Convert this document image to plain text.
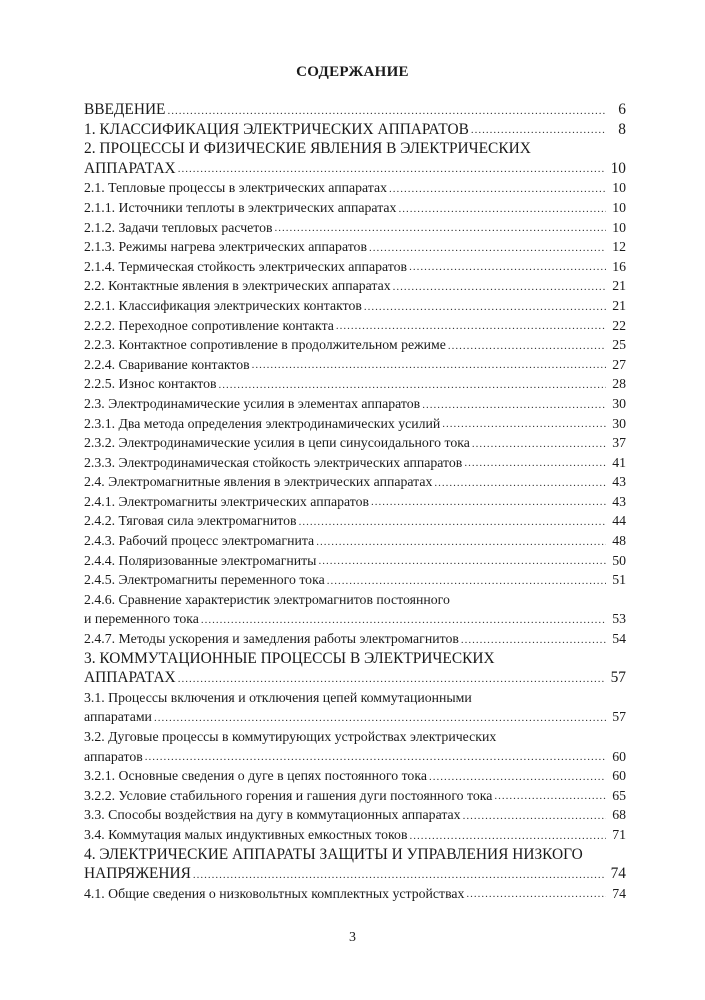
СОДЕРЖАНИЕ
ВВЕДЕНИЕ .....	6
1. КЛАССИФИКАЦИЯ ЭЛЕКТРИЧЕСКИХ АППАРАТОВ .....	8
2. ПРОЦЕССЫ И ФИЗИЧЕСКИЕ ЯВЛЕНИЯ В ЭЛЕКТРИЧЕСКИХ
АППАРАТАХ .....	10
2.1. Тепловые процессы в электрических аппаратах .....	10
2.1.1. Источники теплоты в электрических аппаратах .....	10
2.1.2. Задачи тепловых расчетов .....	10
2.1.3. Режимы нагрева электрических аппаратов .....	12
2.1.4. Термическая стойкость электрических аппаратов .....	16
2.2. Контактные явления в электрических аппаратах .....	21
2.2.1. Классификация электрических контактов .....	21
2.2.2. Переходное сопротивление контакта .....	22
2.2.3. Контактное сопротивление в продолжительном режиме .....	25
2.2.4. Сваривание контактов .....	27
2.2.5. Износ контактов .....	28
2.3. Электродинамические усилия в элементах аппаратов .....	30
2.3.1. Два метода определения электродинамических усилий .....	30
2.3.2. Электродинамические усилия в цепи синусоидального тока .....	37
2.3.3. Электродинамическая стойкость электрических аппаратов .....	41
2.4. Электромагнитные явления в электрических аппаратах .....	43
2.4.1. Электромагниты электрических аппаратов .....	43
2.4.2. Тяговая сила электромагнитов .....	44
2.4.3. Рабочий процесс электромагнита .....	48
2.4.4. Поляризованные электромагниты .....	50
2.4.5. Электромагниты переменного тока .....	51
2.4.6. Сравнение характеристик электромагнитов постоянного
и переменного тока .....	53
2.4.7. Методы ускорения и замедления работы электромагнитов .....	54
3. КОММУТАЦИОННЫЕ ПРОЦЕССЫ В ЭЛЕКТРИЧЕСКИХ
АППАРАТАХ .....	57
3.1. Процессы включения и отключения цепей коммутационными
аппаратами .....	57
3.2. Дуговые процессы в коммутирующих устройствах электрических
аппаратов .....	60
3.2.1. Основные сведения о дуге в цепях постоянного тока .....	60
3.2.2. Условие стабильного горения и гашения дуги постоянного тока .....	65
3.3. Способы воздействия на дугу в коммутационных аппаратах .....	68
3.4. Коммутация малых индуктивных емкостных токов .....	71
4. ЭЛЕКТРИЧЕСКИЕ АППАРАТЫ ЗАЩИТЫ И УПРАВЛЕНИЯ НИЗКОГО
НАПРЯЖЕНИЯ .....	74
4.1. Общие сведения о низковольтных комплектных устройствах .....	74
3
